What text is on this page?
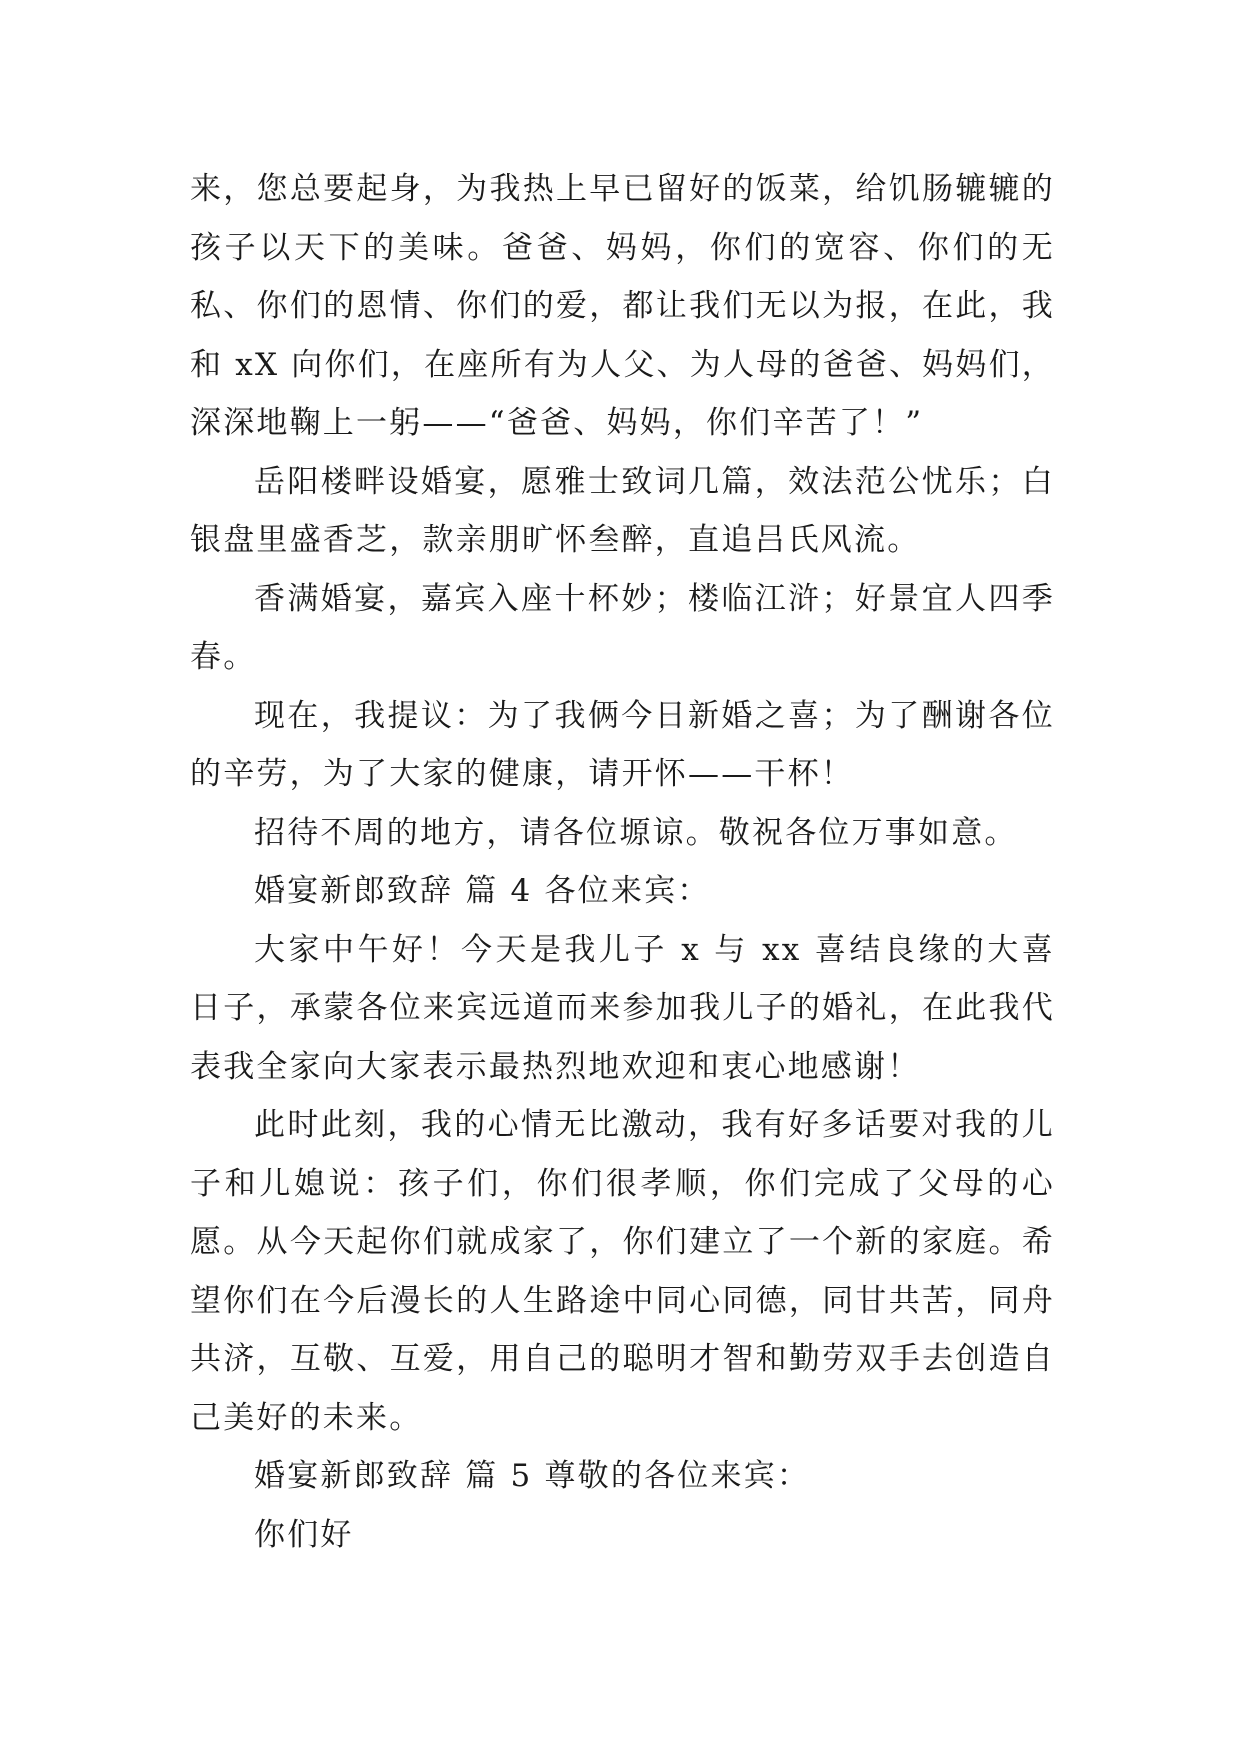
来，您总要起身，为我热上早已留好的饭菜，给饥肠辘辘的孩子以天下的美味。爸爸、妈妈，你们的宽容、你们的无私、你们的恩情、你们的爱，都让我们无以为报，在此，我和 xX 向你们，在座所有为人父、为人母的爸爸、妈妈们，深深地鞠上一躬——“爸爸、妈妈，你们辛苦了！”

岳阳楼畔设婚宴，愿雅士致词几篇，效法范公忧乐；白银盘里盛香芝，款亲朋旷怀叁醉，直追吕氏风流。

香满婚宴，嘉宾入座十杯妙；楼临江浒；好景宜人四季春。

现在，我提议：为了我俩今日新婚之喜；为了酬谢各位的辛劳，为了大家的健康，请开怀——干杯！

招待不周的地方，请各位塬谅。敬祝各位万事如意。

婚宴新郎致辞 篇 4 各位来宾：

大家中午好！今天是我儿子 x 与 xx 喜结良缘的大喜日子，承蒙各位来宾远道而来参加我儿子的婚礼，在此我代表我全家向大家表示最热烈地欢迎和衷心地感谢！

此时此刻，我的心情无比激动，我有好多话要对我的儿子和儿媳说：孩子们，你们很孝顺，你们完成了父母的心愿。从今天起你们就成家了，你们建立了一个新的家庭。希望你们在今后漫长的人生路途中同心同德，同甘共苦，同舟共济，互敬、互爱，用自己的聪明才智和勤劳双手去创造自己美好的未来。

婚宴新郎致辞 篇 5 尊敬的各位来宾：

你们好
